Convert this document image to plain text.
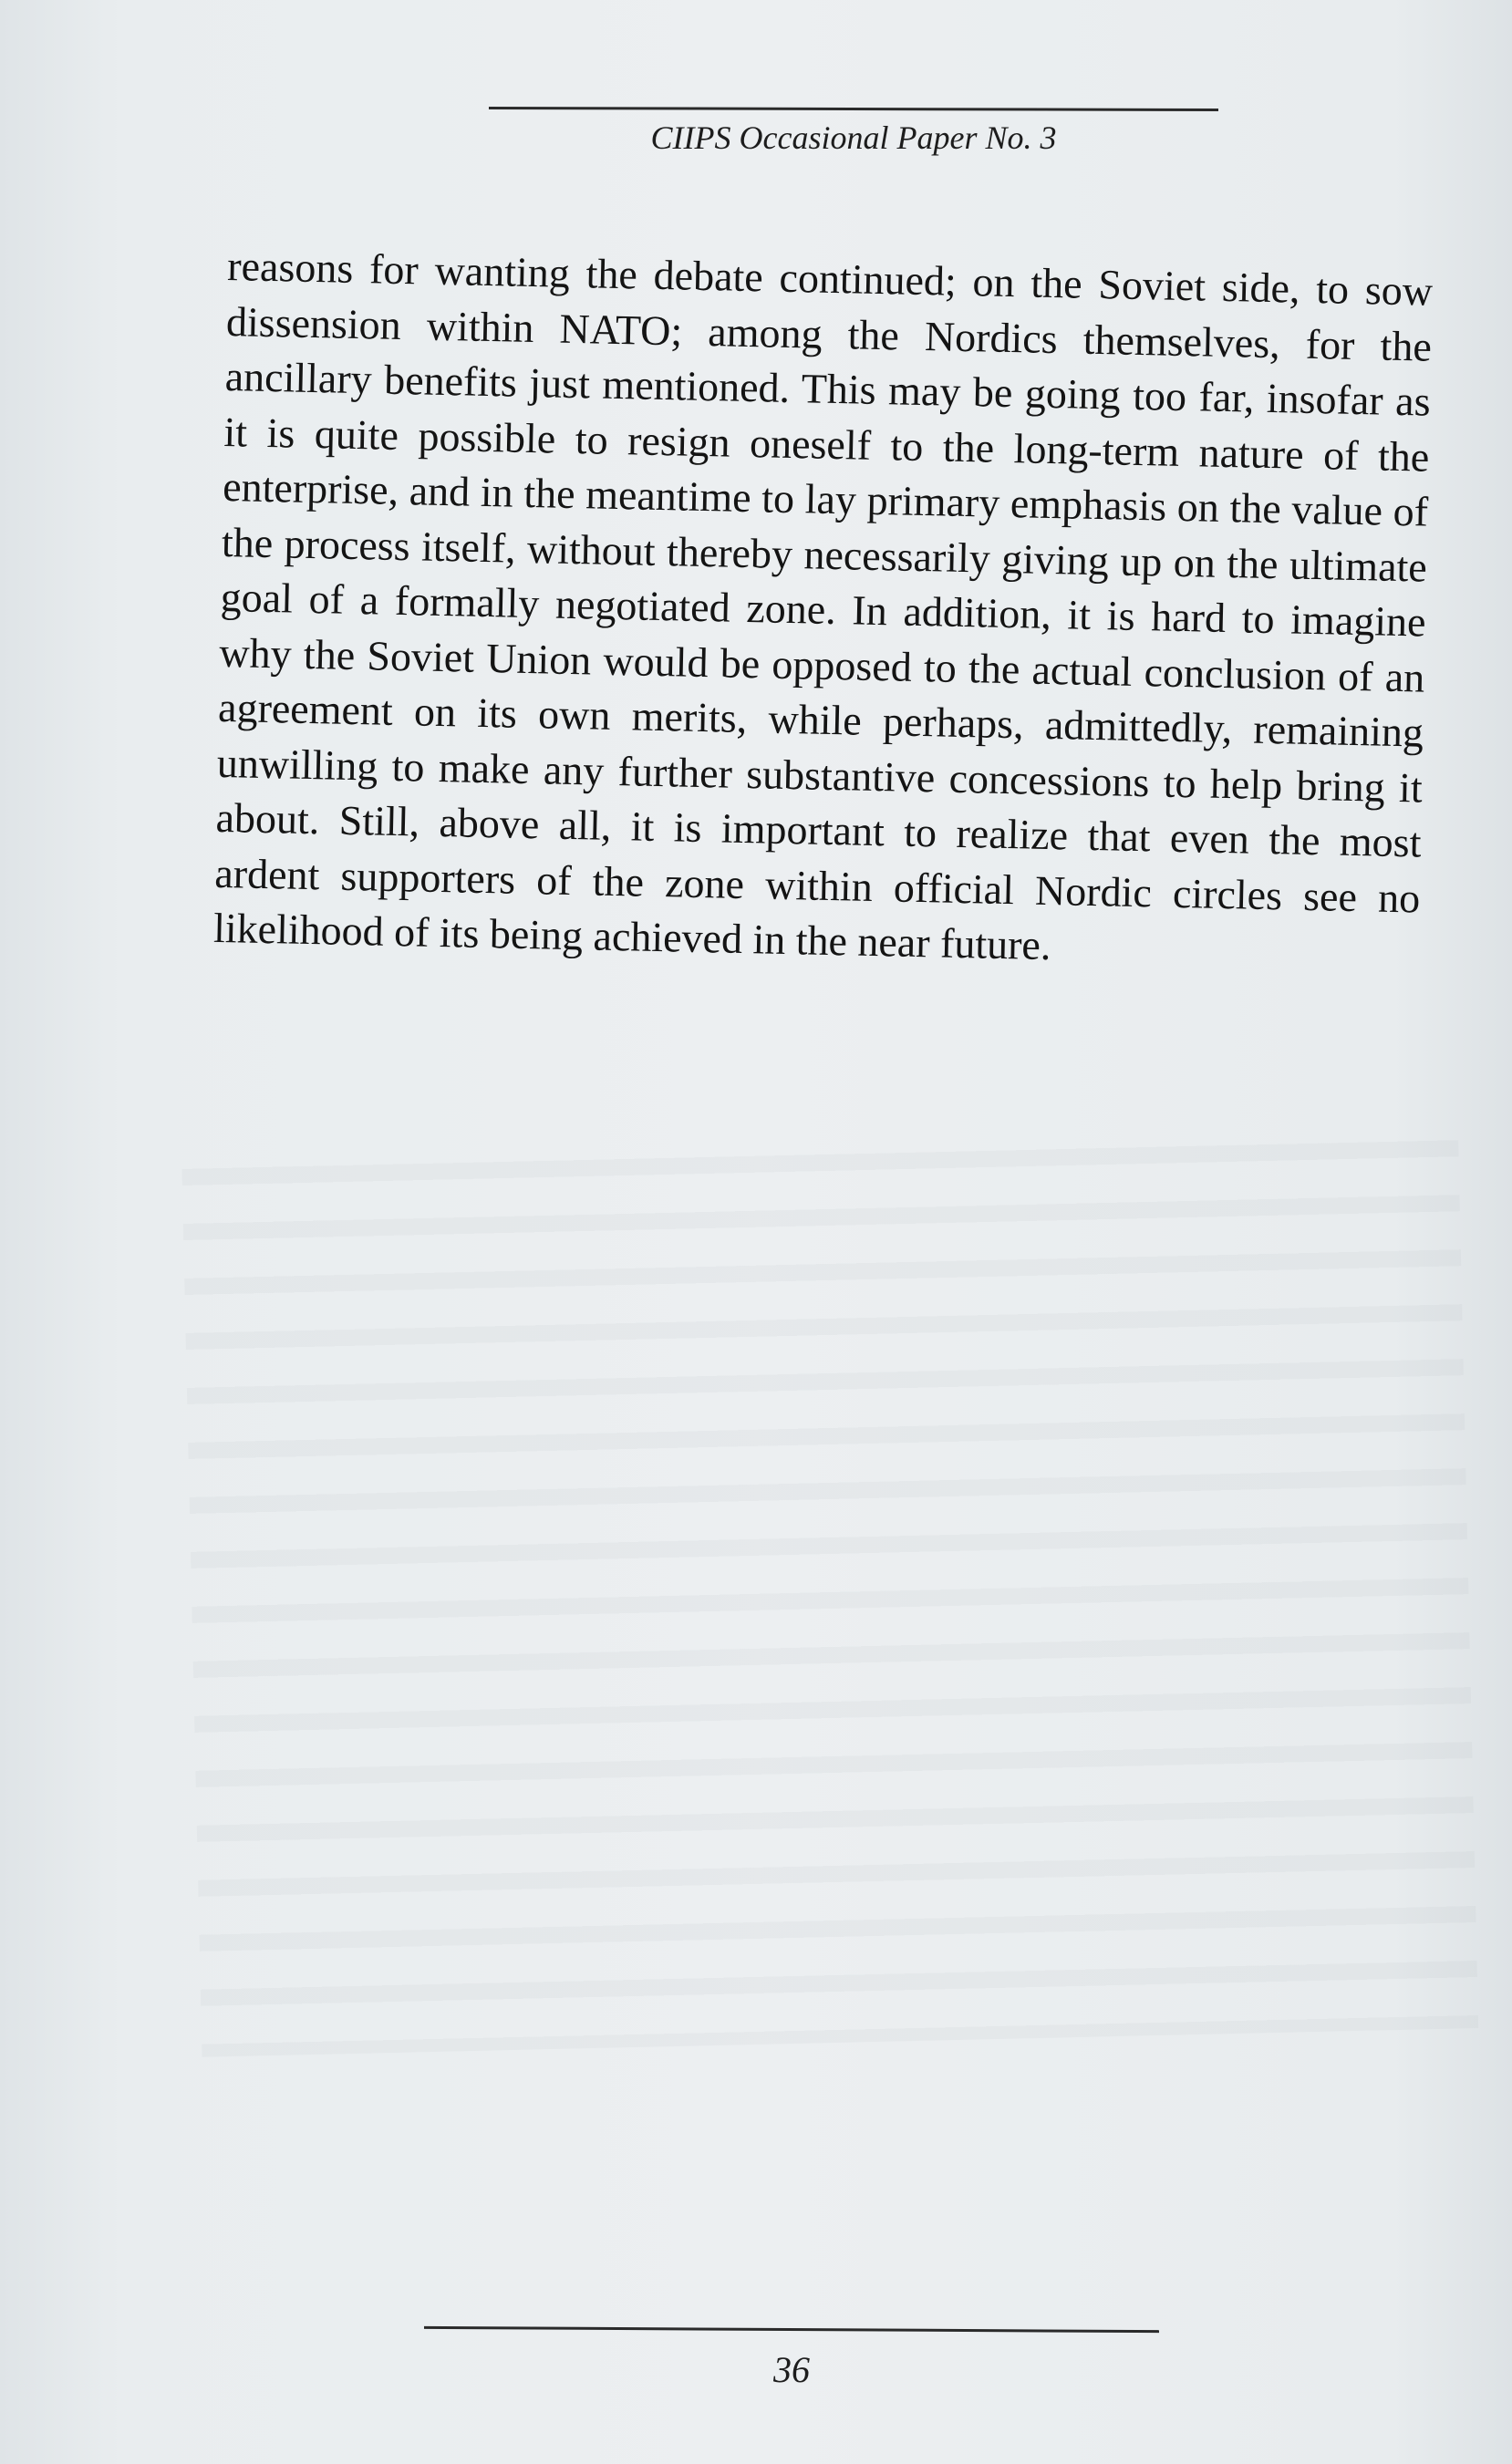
CIIPS Occasional Paper No. 3

reasons for wanting the debate continued; on the Soviet side, to sow dissension within NATO; among the Nordics themselves, for the ancillary benefits just mentioned. This may be going too far, insofar as it is quite possible to resign oneself to the long-term nature of the enterprise, and in the meantime to lay primary emphasis on the value of the process itself, without thereby necessarily giving up on the ultimate goal of a formally negotiated zone. In addition, it is hard to imagine why the Soviet Union would be opposed to the actual conclusion of an agreement on its own merits, while perhaps, admittedly, remaining unwilling to make any further substantive concessions to help bring it about. Still, above all, it is important to realize that even the most ardent supporters of the zone within official Nordic circles see no likelihood of its being achieved in the near future.

36
